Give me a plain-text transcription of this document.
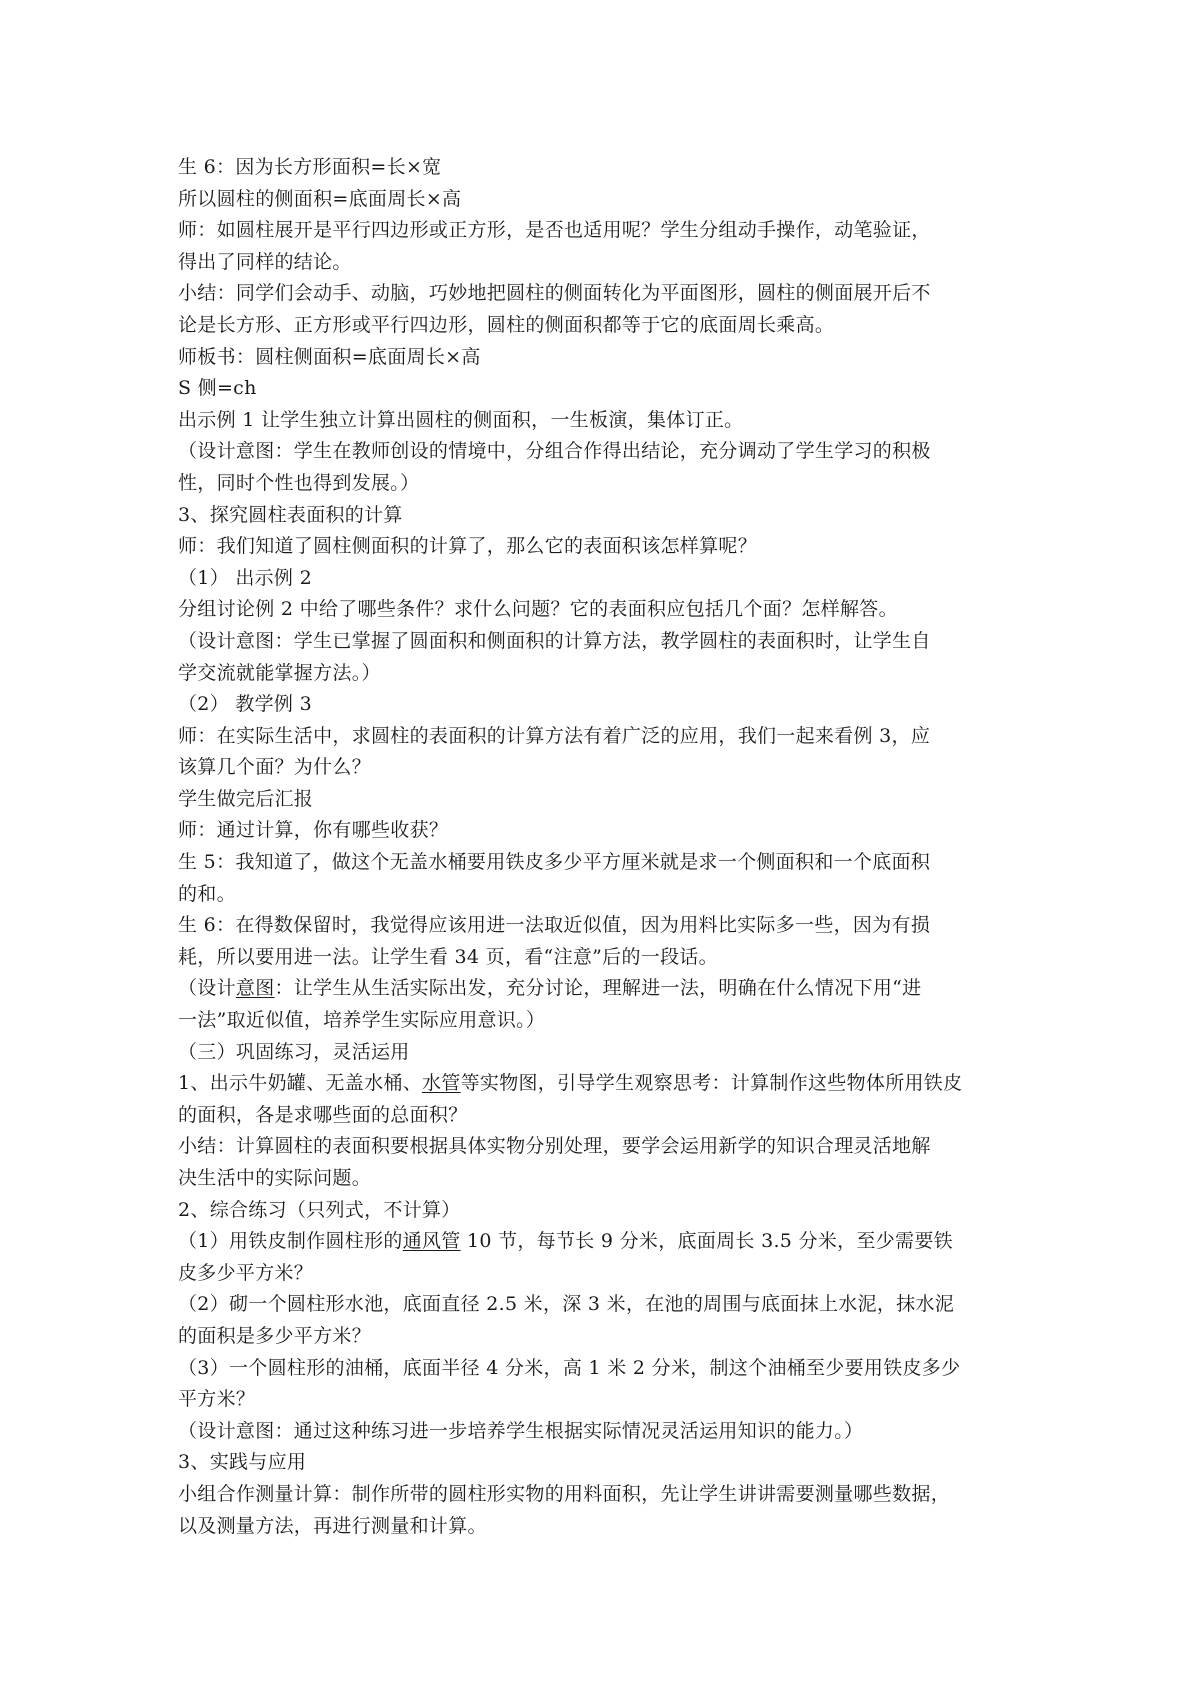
生 6：因为长方形面积=长×宽

所以圆柱的侧面积=底面周长×高

师：如圆柱展开是平行四边形或正方形，是否也适用呢？学生分组动手操作，动笔验证，

得出了同样的结论。

小结：同学们会动手、动脑，巧妙地把圆柱的侧面转化为平面图形，圆柱的侧面展开后不

论是长方形、正方形或平行四边形，圆柱的侧面积都等于它的底面周长乘高。

师板书：圆柱侧面积=底面周长×高

S 侧=ch

出示例 1 让学生独立计算出圆柱的侧面积，一生板演，集体订正。

（设计意图：学生在教师创设的情境中，分组合作得出结论，充分调动了学生学习的积极

性，同时个性也得到发展。）

3、探究圆柱表面积的计算

师：我们知道了圆柱侧面积的计算了，那么它的表面积该怎样算呢？

（1） 出示例 2

分组讨论例 2 中给了哪些条件？求什么问题？它的表面积应包括几个面？怎样解答。

（设计意图：学生已掌握了圆面积和侧面积的计算方法，教学圆柱的表面积时，让学生自

学交流就能掌握方法。）

（2） 教学例 3

师：在实际生活中，求圆柱的表面积的计算方法有着广泛的应用，我们一起来看例 3，应

该算几个面？为什么？

学生做完后汇报

师：通过计算，你有哪些收获？

生 5：我知道了，做这个无盖水桶要用铁皮多少平方厘米就是求一个侧面积和一个底面积

的和。

生 6：在得数保留时，我觉得应该用进一法取近似值，因为用料比实际多一些，因为有损

耗，所以要用进一法。让学生看 34 页，看“注意”后的一段话。

（设计意图：让学生从生活实际出发，充分讨论，理解进一法，明确在什么情况下用“进

一法”取近似值，培养学生实际应用意识。）

（三）巩固练习，灵活运用

1、出示牛奶罐、无盖水桶、水管等实物图，引导学生观察思考：计算制作这些物体所用铁皮

的面积，各是求哪些面的总面积？

小结：计算圆柱的表面积要根据具体实物分别处理，要学会运用新学的知识合理灵活地解

决生活中的实际问题。

2、综合练习（只列式，不计算）

（1）用铁皮制作圆柱形的通风管 10 节，每节长 9 分米，底面周长 3.5 分米，至少需要铁

皮多少平方米？

（2）砌一个圆柱形水池，底面直径 2.5 米，深 3 米，在池的周围与底面抹上水泥，抹水泥

的面积是多少平方米？

（3）一个圆柱形的油桶，底面半径 4 分米，高 1 米 2 分米，制这个油桶至少要用铁皮多少

平方米？

（设计意图：通过这种练习进一步培养学生根据实际情况灵活运用知识的能力。）

3、实践与应用

小组合作测量计算：制作所带的圆柱形实物的用料面积，先让学生讲讲需要测量哪些数据，

以及测量方法，再进行测量和计算。
